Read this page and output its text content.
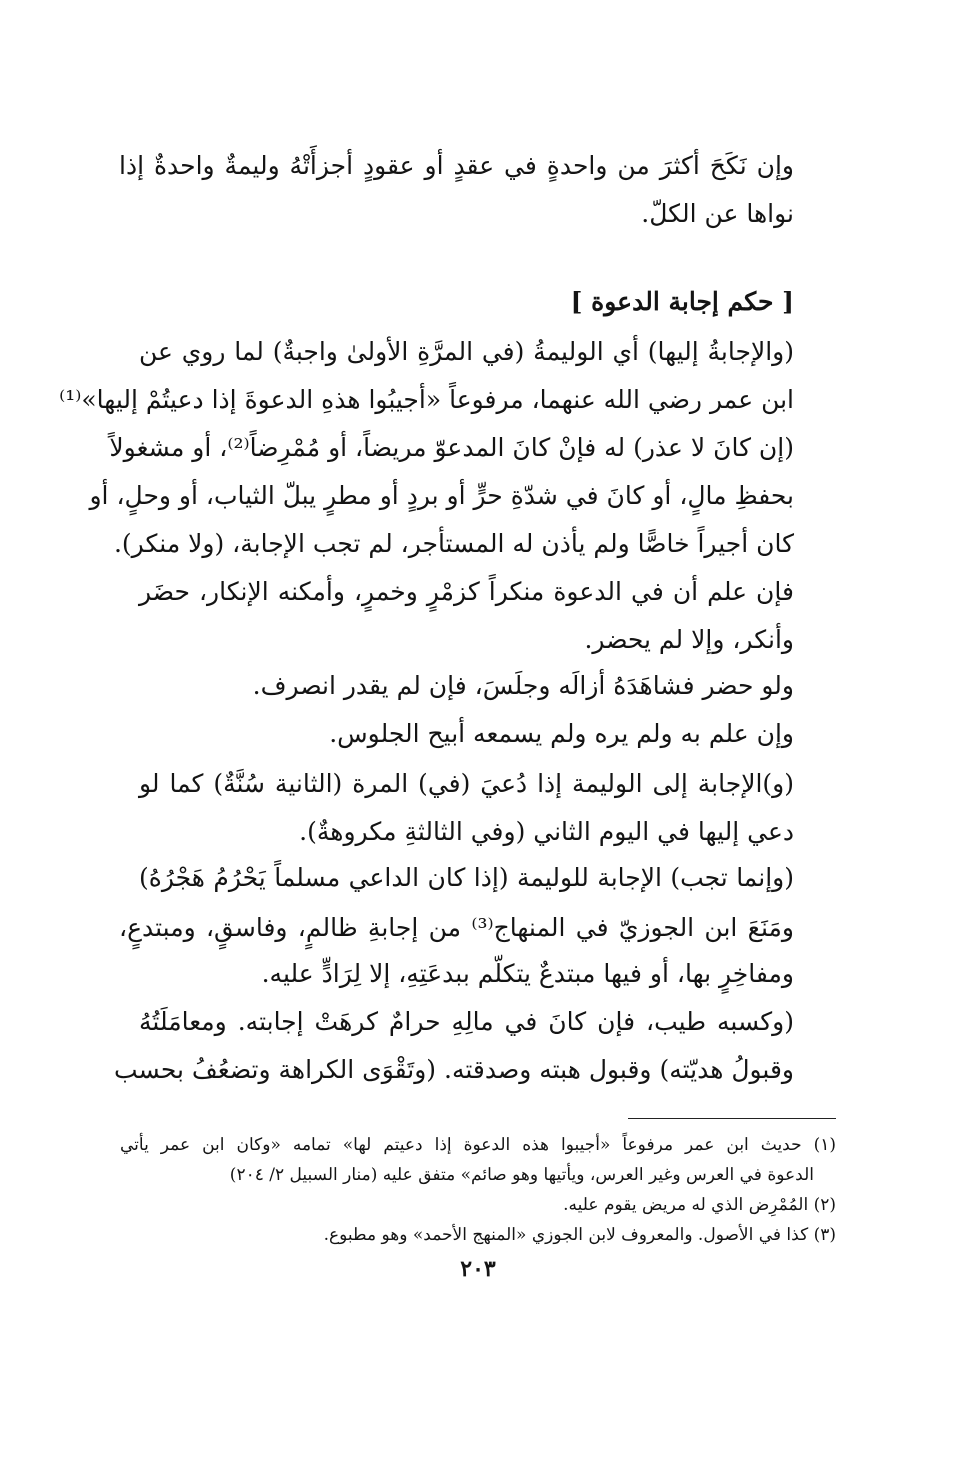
وإن نَكَحَ أكثرَ من واحدةٍ في عقدٍ أو عقودٍ أجزأَتْهُ وليمةٌ واحدةٌ إذا
نواها عن الكلّ.
[ حكم إجابة الدعوة ]
(والإجابةُ إليها) أي الوليمةُ (في المرَّةِ الأولىٰ واجبةٌ) لما روي عن
ابن عمر رضي الله عنهما، مرفوعاً «أجيبُوا هذهِ الدعوةَ إذا دعيتُمْ إليها»⁽¹⁾
(إن كانَ لا عذر) له فإنْ كانَ المدعوّ مريضاً، أو مُمْرِضاً⁽²⁾، أو مشغولاً
بحفظِ مالٍ، أو كانَ في شدّةِ حرٍّ أو بردٍ أو مطرٍ يبلّ الثياب، أو وحلٍ، أو
كان أجيراً خاصًّا ولم يأذن له المستأجر، لم تجب الإجابة، (ولا منكر).
فإن علم أن في الدعوة منكراً كزمْرٍ وخمرٍ، وأمكنه الإنكار، حضَر
وأنكر، وإلا لم يحضر.
ولو حضر فشاهَدَهُ أزالَه وجلَسَ، فإن لم يقدر انصرف.
وإن علم به ولم يره ولم يسمعه أبيح الجلوس.
(و)الإجابة إلى الوليمة إذا دُعيَ (في) المرة (الثانية سُنَّةٌ) كما لو
دعي إليها في اليوم الثاني (وفي الثالثةِ مكروهةٌ).
(وإنما تجب) الإجابة للوليمة (إذا كان الداعي مسلماً يَحْرُمُ هَجْرُهُ)
ومَنَعَ ابن الجوزيّ في المنهاج⁽³⁾ من إجابةِ ظالمٍ، وفاسقٍ، ومبتدعٍ،
ومفاخِرٍ بها، أو فيها مبتدعٌ يتكلّم ببدعَتِهِ، إلا لِرَادٍّ عليه.
(وكسبه طيب، فإن كانَ في مالِهِ حرامٌ كرهَتْ إجابته. ومعامَلَتُهُ
وقبولُ هديّته) وقبول هبته وصدقته. (وتَقْوَى الكراهة وتضعُفُ بحسب
(١) حديث ابن عمر مرفوعاً «أجيبوا هذه الدعوة إذا دعيتم لها» تمامه «وكان ابن عمر يأتي
الدعوة في العرس وغير العرس، ويأتيها وهو صائم» متفق عليه (منار السبيل ٢/ ٢٠٤)
(٢) المُمْرِض الذي له مريض يقوم عليه.
(٣) كذا في الأصول. والمعروف لابن الجوزي «المنهج الأحمد» وهو مطبوع.
٢٠٣
